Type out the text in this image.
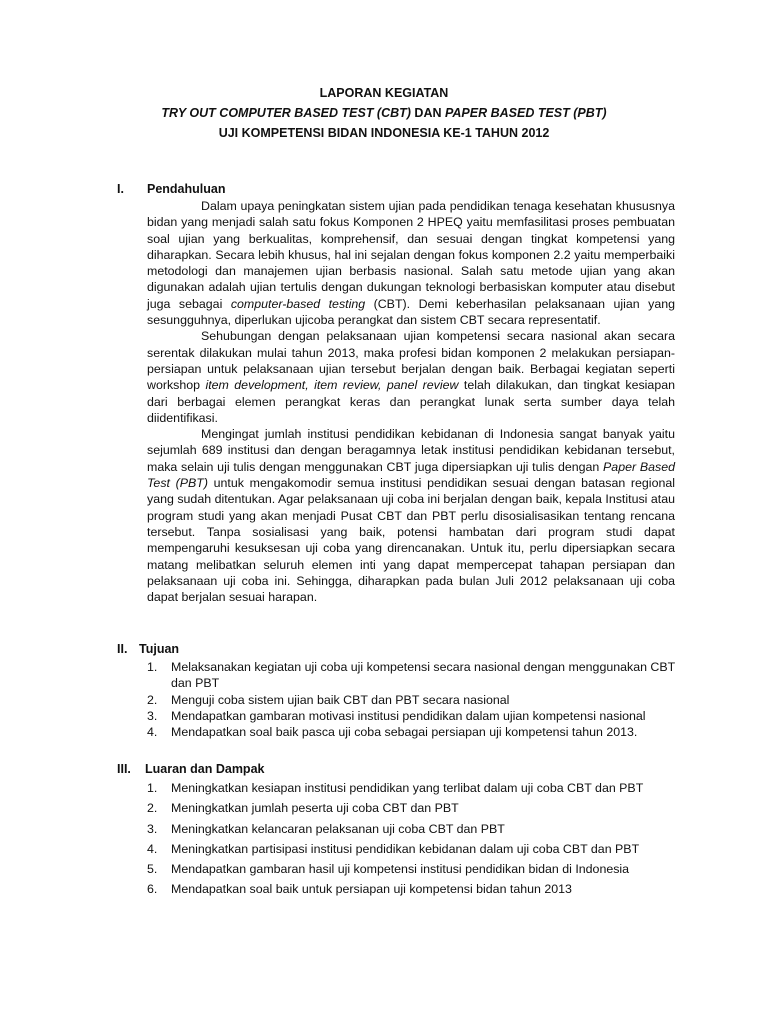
LAPORAN KEGIATAN
TRY OUT COMPUTER BASED TEST (CBT) DAN PAPER BASED TEST (PBT)
UJI KOMPETENSI BIDAN INDONESIA KE-1 TAHUN 2012
I. Pendahuluan

Dalam upaya peningkatan sistem ujian pada pendidikan tenaga kesehatan khususnya bidan yang menjadi salah satu fokus Komponen 2 HPEQ yaitu memfasilitasi proses pembuatan soal ujian yang berkualitas, komprehensif, dan sesuai dengan tingkat kompetensi yang diharapkan. Secara lebih khusus, hal ini sejalan dengan fokus komponen 2.2 yaitu memperbaiki metodologi dan manajemen ujian berbasis nasional. Salah satu metode ujian yang akan digunakan adalah ujian tertulis dengan dukungan teknologi berbasiskan komputer atau disebut juga sebagai computer-based testing (CBT). Demi keberhasilan pelaksanaan ujian yang sesungguhnya, diperlukan ujicoba perangkat dan sistem CBT secara representatif.

Sehubungan dengan pelaksanaan ujian kompetensi secara nasional akan secara serentak dilakukan mulai tahun 2013, maka profesi bidan komponen 2 melakukan persiapan-persiapan untuk pelaksanaan ujian tersebut berjalan dengan baik. Berbagai kegiatan seperti workshop item development, item review, panel review telah dilakukan, dan tingkat kesiapan dari berbagai elemen perangkat keras dan perangkat lunak serta sumber daya telah diidentifikasi.

Mengingat jumlah institusi pendidikan kebidanan di Indonesia sangat banyak yaitu sejumlah 689 institusi dan dengan beragamnya letak institusi pendidikan kebidanan tersebut, maka selain uji tulis dengan menggunakan CBT juga dipersiapkan uji tulis dengan Paper Based Test (PBT) untuk mengakomodir semua institusi pendidikan sesuai dengan batasan regional yang sudah ditentukan. Agar pelaksanaan uji coba ini berjalan dengan baik, kepala Institusi atau program studi yang akan menjadi Pusat CBT dan PBT perlu disosialisasikan tentang rencana tersebut. Tanpa sosialisasi yang baik, potensi hambatan dari program studi dapat mempengaruhi kesuksesan uji coba yang direncanakan. Untuk itu, perlu dipersiapkan secara matang melibatkan seluruh elemen inti yang dapat mempercepat tahapan persiapan dan pelaksanaan uji coba ini. Sehingga, diharapkan pada bulan Juli 2012 pelaksanaan uji coba dapat berjalan sesuai harapan.

II. Tujuan
1. Melaksanakan kegiatan uji coba uji kompetensi secara nasional dengan menggunakan CBT dan PBT
2. Menguji coba sistem ujian baik CBT dan PBT secara nasional
3. Mendapatkan gambaran motivasi institusi pendidikan dalam ujian kompetensi nasional
4. Mendapatkan soal baik pasca uji coba sebagai persiapan uji kompetensi tahun 2013.
III. Luaran dan Dampak
1. Meningkatkan kesiapan institusi pendidikan yang terlibat dalam uji coba CBT dan PBT
2. Meningkatkan jumlah peserta uji coba CBT dan PBT
3. Meningkatkan kelancaran pelaksanan uji coba CBT dan PBT
4. Meningkatkan partisipasi institusi pendidikan kebidanan dalam uji coba CBT dan PBT
5. Mendapatkan gambaran hasil uji kompetensi institusi pendidikan bidan di Indonesia
6. Mendapatkan soal baik untuk persiapan uji kompetensi bidan tahun 2013
